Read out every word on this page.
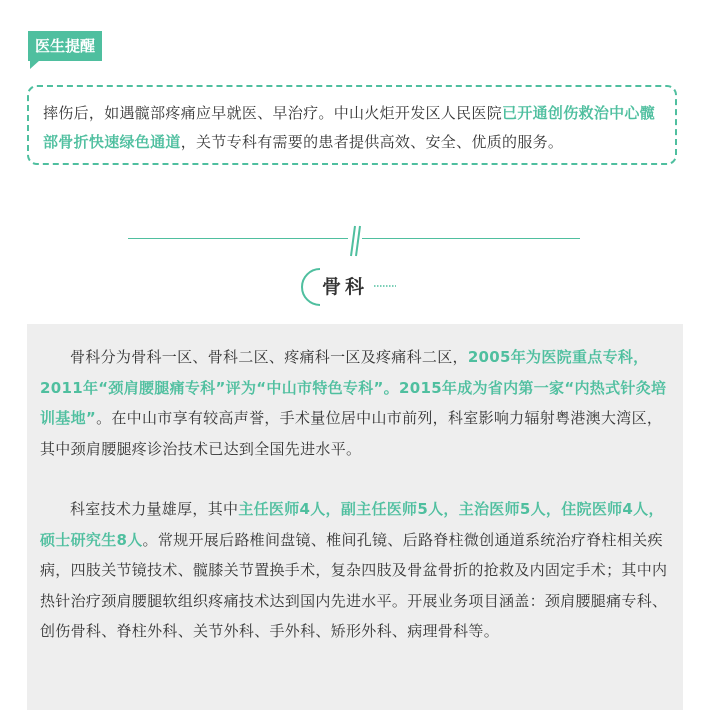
医生提醒
摔伤后，如遇髋部疼痛应早就医、早治疗。中山火炬开发区人民医院已开通创伤救治中心髋部骨折快速绿色通道，关节专科有需要的患者提供高效、安全、优质的服务。
骨科

骨科分为骨科一区、骨科二区、疼痛科一区及疼痛科二区，2005年为医院重点专科，2011年“颈肩腰腿痛专科”评为“中山市特色专科”。2015年成为省内第一家“内热式针灸培训基地”。在中山市享有较高声誉，手术量位居中山市前列，科室影响力辐射粤港澳大湾区，其中颈肩腰腿疼诊治技术已达到全国先进水平。

科室技术力量雄厚，其中主任医师4人，副主任医师5人，主治医师5人，住院医师4人，硕士研究生8人。常规开展后路椎间盘镜、椎间孔镜、后路脊柱微创通道系统治疗脊柱相关疾病，四肢关节镜技术、髋膝关节置换手术，复杂四肢及骨盆骨折的抢救及内固定手术；其中内热针治疗颈肩腰腿软组织疼痛技术达到国内先进水平。开展业务项目涵盖：颈肩腰腿痛专科、创伤骨科、脊柱外科、关节外科、手外科、矫形外科、病理骨科等。
